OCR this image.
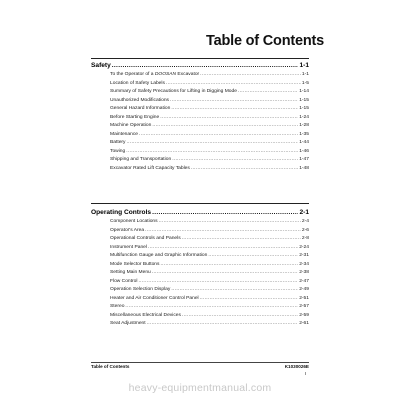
Table of Contents
Safety .....	1-1
To the Operator of a DOOSAN Excavator .....	1-1
Location of Safety Labels .....	1-5
Summary of Safety Precautions for Lifting in Digging Mode .....	1-14
Unauthorized Modifications .....	1-15
General Hazard Information .....	1-15
Before Starting Engine .....	1-24
Machine Operation .....	1-28
Maintenance .....	1-35
Battery .....	1-44
Towing .....	1-46
Shipping and Transportation .....	1-47
Excavator Rated Lift Capacity Tables .....	1-48
Operating Controls .....	2-1
Component Locations .....	2-4
Operator's Area .....	2-6
Operational Controls and Panels .....	2-8
Instrument Panel .....	2-24
Multifunction Gauge and Graphic Information .....	2-31
Mode Selector Buttons .....	2-34
Setting Main Menu .....	2-38
Flow Control .....	2-47
Operation Selection Display .....	2-49
Heater and Air Conditioner Control Panel .....	2-51
Stereo .....	2-57
Miscellaneous Electrical Devices .....	2-59
Seat Adjustment .....	2-61
Table of Contents	K1030026E
I
heavy-equipmentmanual.com
